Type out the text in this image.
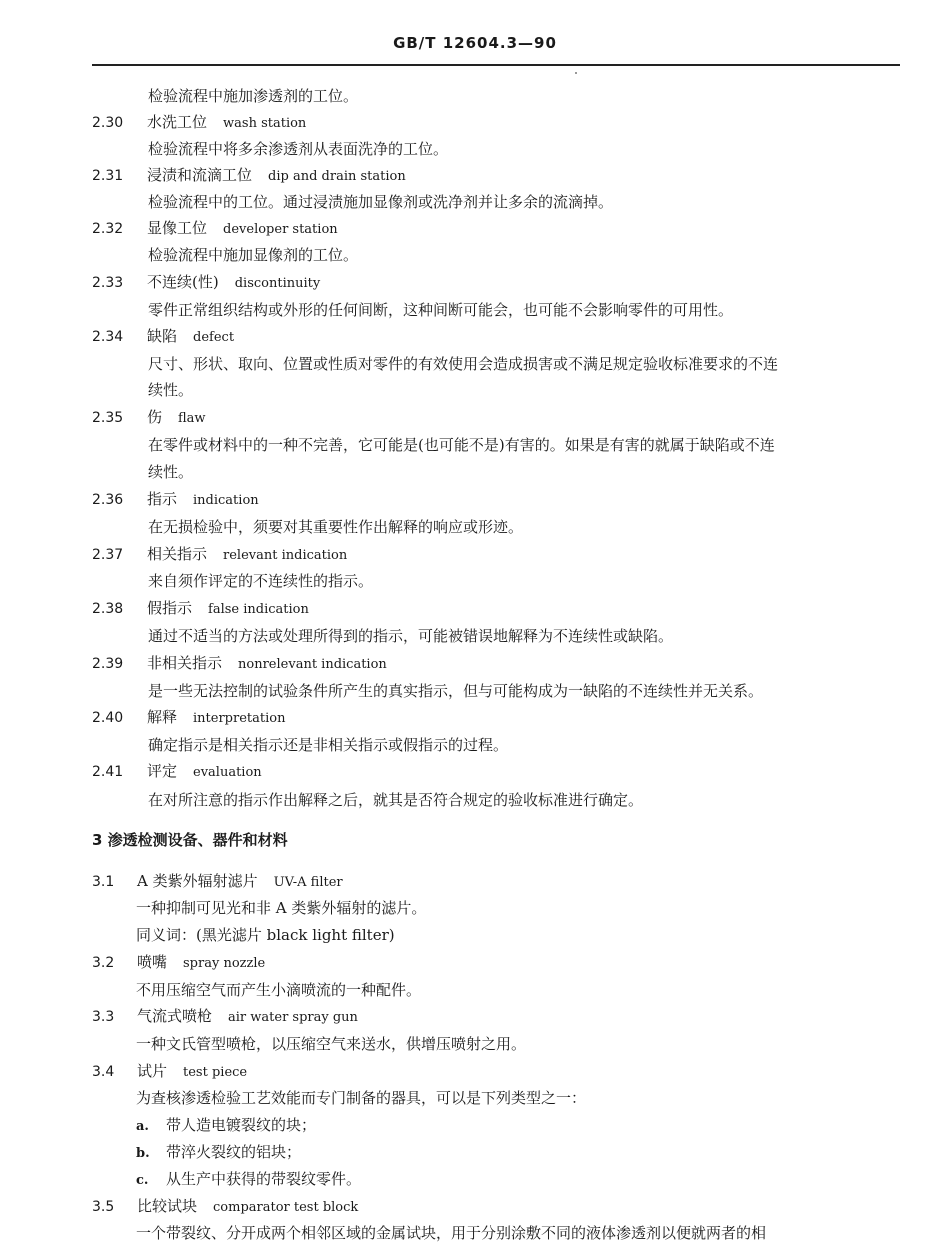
GB/T 12604.3—90
检验流程中施加渗透剂的工位。
2.30 水洗工位 wash station
检验流程中将多余渗透剂从表面洗净的工位。
2.31 浸渍和流滴工位 dip and drain station
检验流程中的工位。通过浸渍施加显像剂或洗净剂并让多余的流滴掉。
2.32 显像工位 developer station
检验流程中施加显像剂的工位。
2.33 不连续(性) discontinuity
零件正常组织结构或外形的任何间断，这种间断可能会，也可能不会影响零件的可用性。
2.34 缺陷 defect
尺寸、形状、取向、位置或性质对零件的有效使用会造成损害或不满足规定验收标准要求的不连
续性。
2.35 伤 flaw
在零件或材料中的一种不完善，它可能是(也可能不是)有害的。如果是有害的就属于缺陷或不连
续性。
2.36 指示 indication
在无损检验中，须要对其重要性作出解释的响应或形迹。
2.37 相关指示 relevant indication
来自须作评定的不连续性的指示。
2.38 假指示 false indication
通过不适当的方法或处理所得到的指示，可能被错误地解释为不连续性或缺陷。
2.39 非相关指示 nonrelevant indication
是一些无法控制的试验条件所产生的真实指示，但与可能构成为一缺陷的不连续性并无关系。
2.40 解释 interpretation
确定指示是相关指示还是非相关指示或假指示的过程。
2.41 评定 evaluation
在对所注意的指示作出解释之后，就其是否符合规定的验收标准进行确定。
3 渗透检测设备、器件和材料
3.1 A 类紫外辐射滤片 UV-A filter
一种抑制可见光和非 A 类紫外辐射的滤片。
同义词：(黑光滤片 black light filter)
3.2 喷嘴 spray nozzle
不用压缩空气而产生小滴喷流的一种配件。
3.3 气流式喷枪 air water spray gun
一种文氏管型喷枪，以压缩空气来送水，供增压喷射之用。
3.4 试片 test piece
为查核渗透检验工艺效能而专门制备的器具，可以是下列类型之一：
a. 带人造电镀裂纹的块；
b. 带淬火裂纹的铝块；
c. 从生产中获得的带裂纹零件。
3.5 比较试块 comparator test block
一个带裂纹、分开成两个相邻区域的金属试块，用于分别涂敷不同的液体渗透剂以便就两者的相
